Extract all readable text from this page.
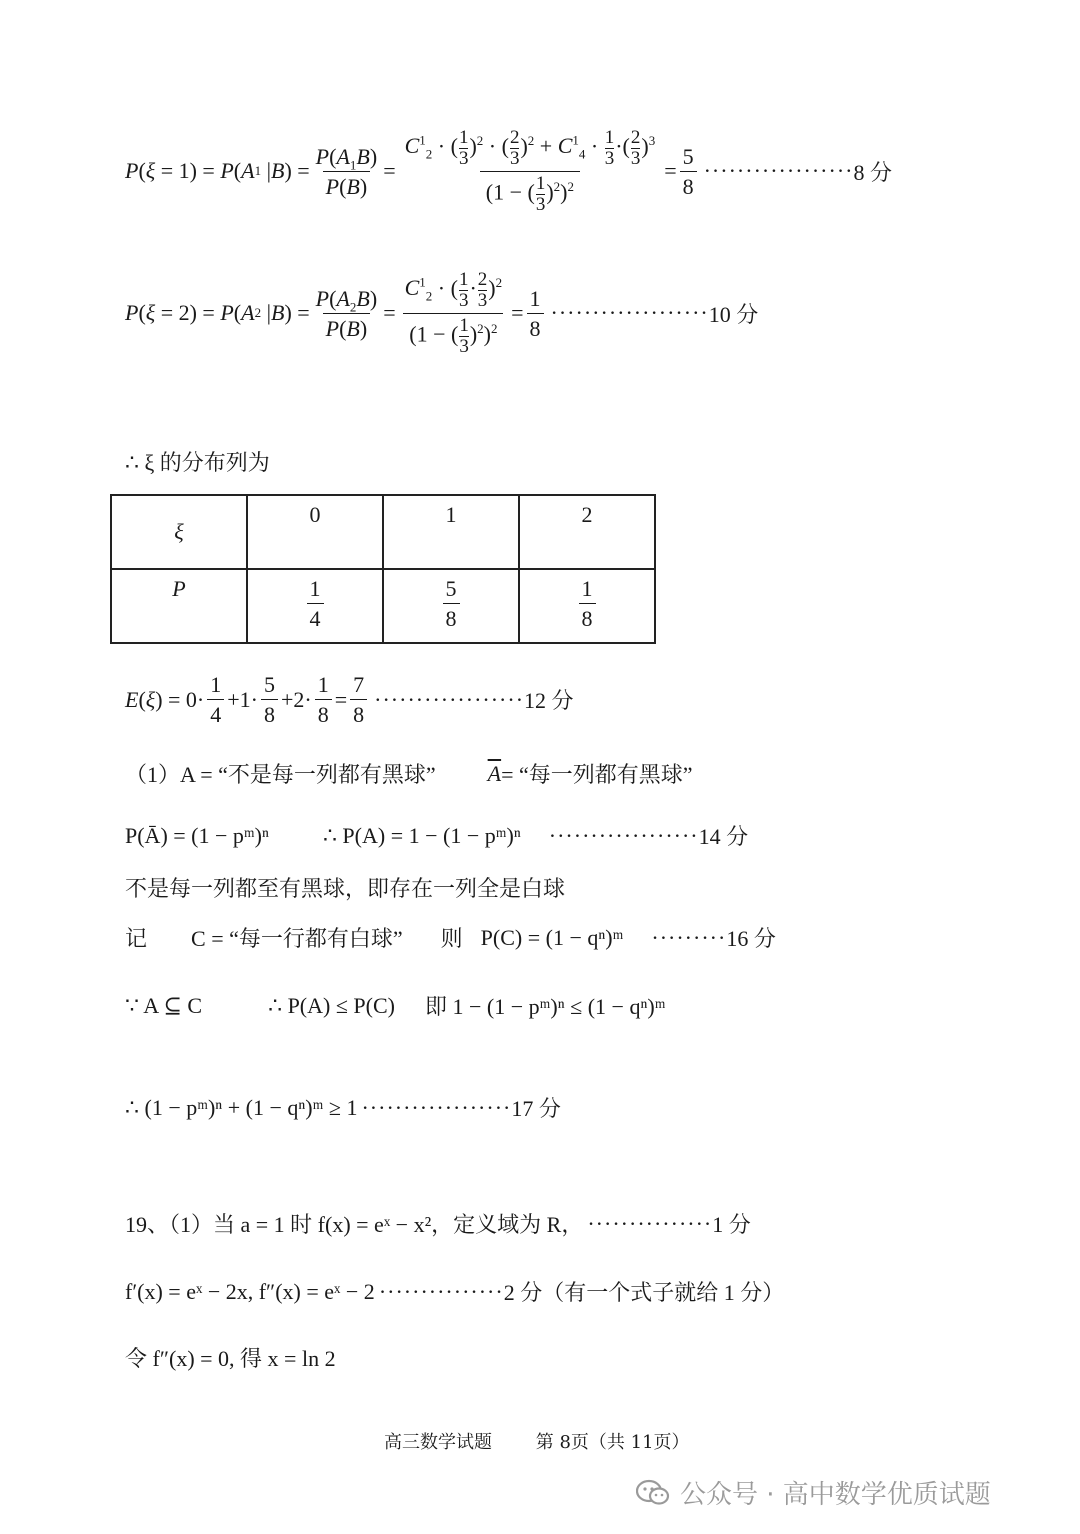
P ( ξ = 1) = P ( A 1 | B ) = $\frac{P(A_1B)}{P(B)} = \frac{C^1_2 \cdot ( \frac{1}{3} )^2 \cdot ( \frac{2}{3} )^2 + C^1_4 \cdot \frac{1}{3} \cdot( \frac{2}{3} )^3}{(1 - ( \frac{1}{3} )^2)^2} = \frac{5}{8}$ ·················· 8 分
P ( ξ = 2) = P ( A 2 | B ) = $\frac{P(A_2B)}{P(B)} = \frac{C^1_2 \cdot ( \frac{1}{3} \cdot \frac{2}{3} )^2}{(1 - ( \frac{1}{3} )^2)^2} = \frac{1}{8}$ ··················· 10 分
∴ ξ 的分布列为
ξ	0	1	2
P	$\frac{1}{4}$	$\frac{5}{8}$	$\frac{1}{8}$
E ( ξ ) = $0\cdot \frac{1}{4} +1\cdot \frac{5}{8} +2\cdot \frac{1}{8} = \frac{7}{8}$ ·················· 12 分
（1） A = “不是每一列都有黑球” $\overline{A}$ = “每一列都有黑球”
P(Ā) = (1 − pᵐ)ⁿ ∴ P(A) = 1 − (1 − pᵐ)ⁿ ·················· 14 分
不是每一列都至有黑球，即存在一列全是白球
记 C = “每一行都有白球” 则 P(C) = (1 − qⁿ)ᵐ ········· 16 分
∵ A ⊆ C	∴ P(A) ≤ P(C) 即 1 − (1 − pᵐ)ⁿ ≤ (1 − qⁿ)ᵐ
∴ (1 − pᵐ)ⁿ + (1 − qⁿ)ᵐ ≥ 1 ·················· 17 分
19、（1）当 a = 1 时 f(x) = eˣ − x²，定义域为 R， ··············· 1 分
f′(x) = eˣ − 2x, f″(x) = eˣ − 2 ··············· 2 分（有一个式子就给 1 分）
令 f″(x) = 0, 得 x = ln 2
高三数学试题 第 8页（共 11页）
公众号 · 高中数学优质试题
